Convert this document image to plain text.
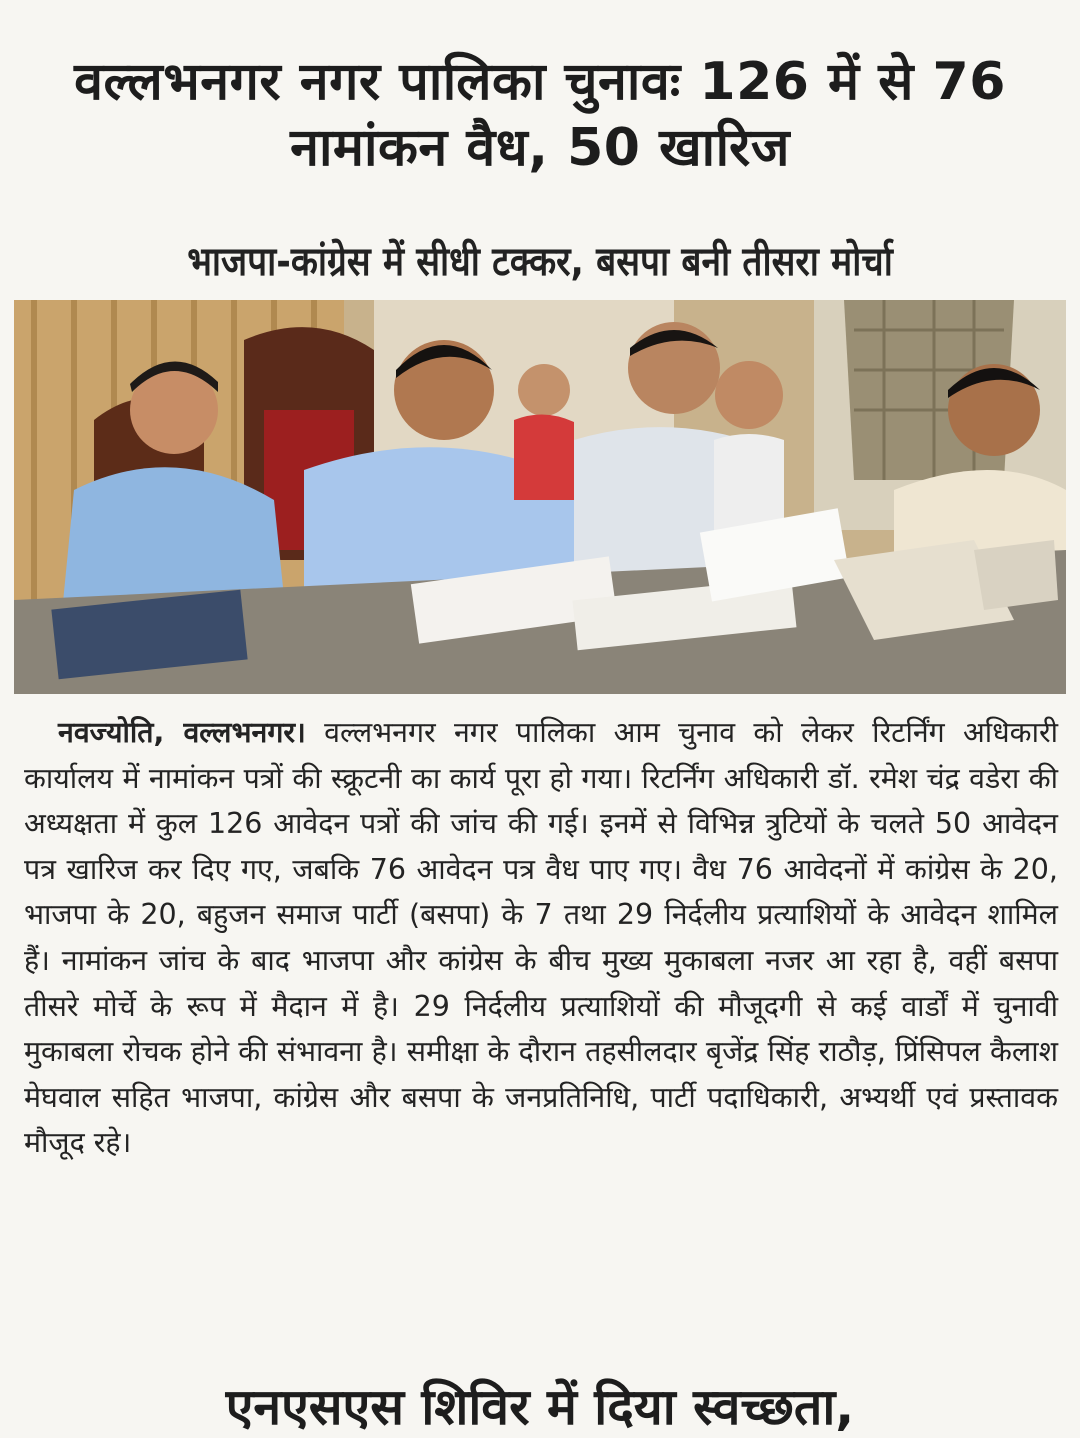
वल्लभनगर नगर पालिका चुनावः 126 में से 76 नामांकन वैध, 50 खारिज
भाजपा-कांग्रेस में सीधी टक्कर, बसपा बनी तीसरा मोर्चा
नवज्योति, वल्लभनगर। वल्लभनगर नगर पालिका आम चुनाव को लेकर रिटर्निंग अधिकारी कार्यालय में नामांकन पत्रों की स्क्रूटनी का कार्य पूरा हो गया। रिटर्निंग अधिकारी डॉ. रमेश चंद्र वडेरा की अध्यक्षता में कुल 126 आवेदन पत्रों की जांच की गई। इनमें से विभिन्न त्रुटियों के चलते 50 आवेदन पत्र खारिज कर दिए गए, जबकि 76 आवेदन पत्र वैध पाए गए। वैध 76 आवेदनों में कांग्रेस के 20, भाजपा के 20, बहुजन समाज पार्टी (बसपा) के 7 तथा 29 निर्दलीय प्रत्याशियों के आवेदन शामिल हैं। नामांकन जांच के बाद भाजपा और कांग्रेस के बीच मुख्य मुकाबला नजर आ रहा है, वहीं बसपा तीसरे मोर्चे के रूप में मैदान में है। 29 निर्दलीय प्रत्याशियों की मौजूदगी से कई वार्डों में चुनावी मुकाबला रोचक होने की संभावना है। समीक्षा के दौरान तहसीलदार बृजेंद्र सिंह राठौड़, प्रिंसिपल कैलाश मेघवाल सहित भाजपा, कांग्रेस और बसपा के जनप्रतिनिधि, पार्टी पदाधिकारी, अभ्यर्थी एवं प्रस्तावक मौजूद रहे।
एनएसएस शिविर में दिया स्वच्छता,
